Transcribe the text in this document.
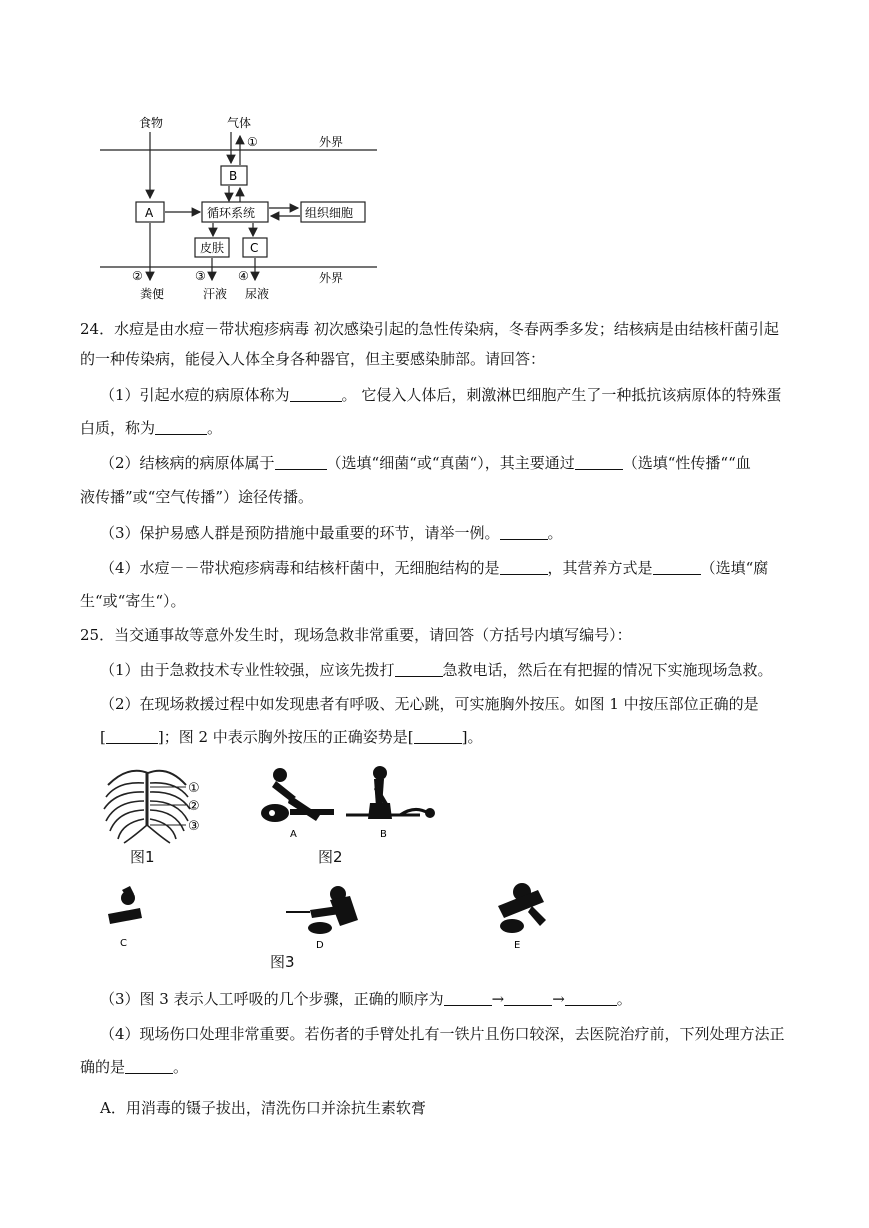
食物	气体
①	外界
B
A	循环系统	组织细胞
皮肤 C
②	③	④	外界
粪便	汗液 尿液
24．水痘是由水痘－带状疱疹病毒 初次感染引起的急性传染病，冬春两季多发；结核病是由结核杆菌引起
的一种传染病，能侵入人体全身各种器官，但主要感染肺部。请回答：
（1）引起水痘的病原体称为	。 它侵入人体后，刺激淋巴细胞产生了一种抵抗该病原体的特殊蛋
白质，称为	。
（2）结核病的病原体属于	（选填“细菌“或“真菌“），其主要通过	（选填“性传播““血
液传播”或“空气传播”）途径传播。
（3）保护易感人群是预防措施中最重要的环节，请举一例。	。
（4）水痘－－带状疱疹病毒和结核杆菌中，无细胞结构的是	，其营养方式是	（选填“腐
生“或“寄生“）。
25．当交通事故等意外发生时，现场急救非常重要，请回答（方括号内填写编号）：
（1）由于急救技术专业性较强，应该先拨打	急救电话，然后在有把握的情况下实施现场急救。
（2）在现场救援过程中如发现患者有呼吸、无心跳，可实施胸外按压。如图 1 中按压部位正确的是
[	]；图 2 中表示胸外按压的正确姿势是[	]。
①
②
③
图1
A	B
图2
C	D	E
图3
（3）图 3 表示人工呼吸的几个步骤，正确的顺序为	→	→	。
（4）现场伤口处理非常重要。若伤者的手臂处扎有一铁片且伤口较深，去医院治疗前，下列处理方法正
确的是	。
A．用消毒的镊子拔出，清洗伤口并涂抗生素软膏
